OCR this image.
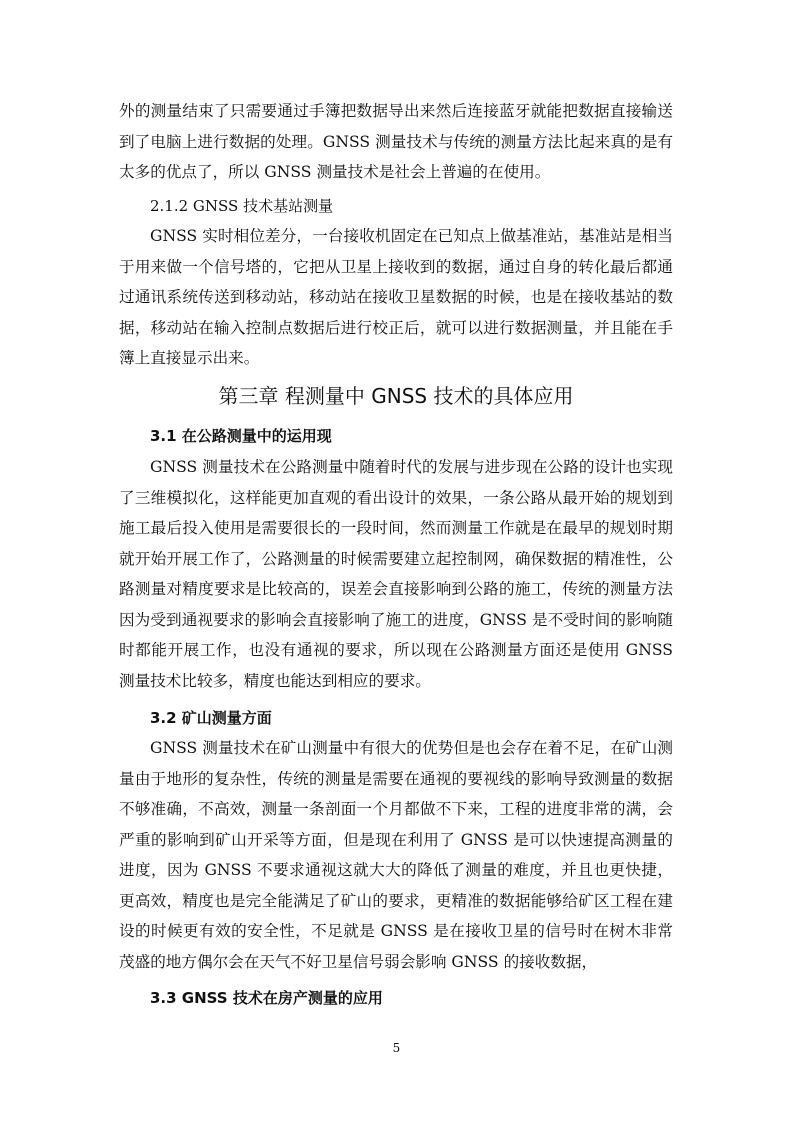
外的测量结束了只需要通过手簿把数据导出来然后连接蓝牙就能把数据直接输送到了电脑上进行数据的处理。GNSS 测量技术与传统的测量方法比起来真的是有太多的优点了，所以 GNSS 测量技术是社会上普遍的在使用。

2.1.2 GNSS 技术基站测量

GNSS 实时相位差分，一台接收机固定在已知点上做基准站，基准站是相当于用来做一个信号塔的，它把从卫星上接收到的数据，通过自身的转化最后都通过通讯系统传送到移动站，移动站在接收卫星数据的时候，也是在接收基站的数据，移动站在输入控制点数据后进行校正后，就可以进行数据测量，并且能在手簿上直接显示出来。

第三章 程测量中 GNSS 技术的具体应用

3.1 在公路测量中的运用现

GNSS 测量技术在公路测量中随着时代的发展与进步现在公路的设计也实现了三维模拟化，这样能更加直观的看出设计的效果，一条公路从最开始的规划到施工最后投入使用是需要很长的一段时间，然而测量工作就是在最早的规划时期就开始开展工作了，公路测量的时候需要建立起控制网，确保数据的精准性，公路测量对精度要求是比较高的，误差会直接影响到公路的施工，传统的测量方法因为受到通视要求的影响会直接影响了施工的进度，GNSS 是不受时间的影响随时都能开展工作，也没有通视的要求，所以现在公路测量方面还是使用 GNSS 测量技术比较多，精度也能达到相应的要求。

3.2 矿山测量方面

GNSS 测量技术在矿山测量中有很大的优势但是也会存在着不足，在矿山测量由于地形的复杂性，传统的测量是需要在通视的要视线的影响导致测量的数据不够准确，不高效，测量一条剖面一个月都做不下来，工程的进度非常的满，会严重的影响到矿山开采等方面，但是现在利用了 GNSS 是可以快速提高测量的进度，因为 GNSS 不要求通视这就大大的降低了测量的难度，并且也更快捷，更高效，精度也是完全能满足了矿山的要求，更精准的数据能够给矿区工程在建设的时候更有效的安全性，不足就是 GNSS 是在接收卫星的信号时在树木非常茂盛的地方偶尔会在天气不好卫星信号弱会影响 GNSS 的接收数据，

3.3 GNSS 技术在房产测量的应用

5
